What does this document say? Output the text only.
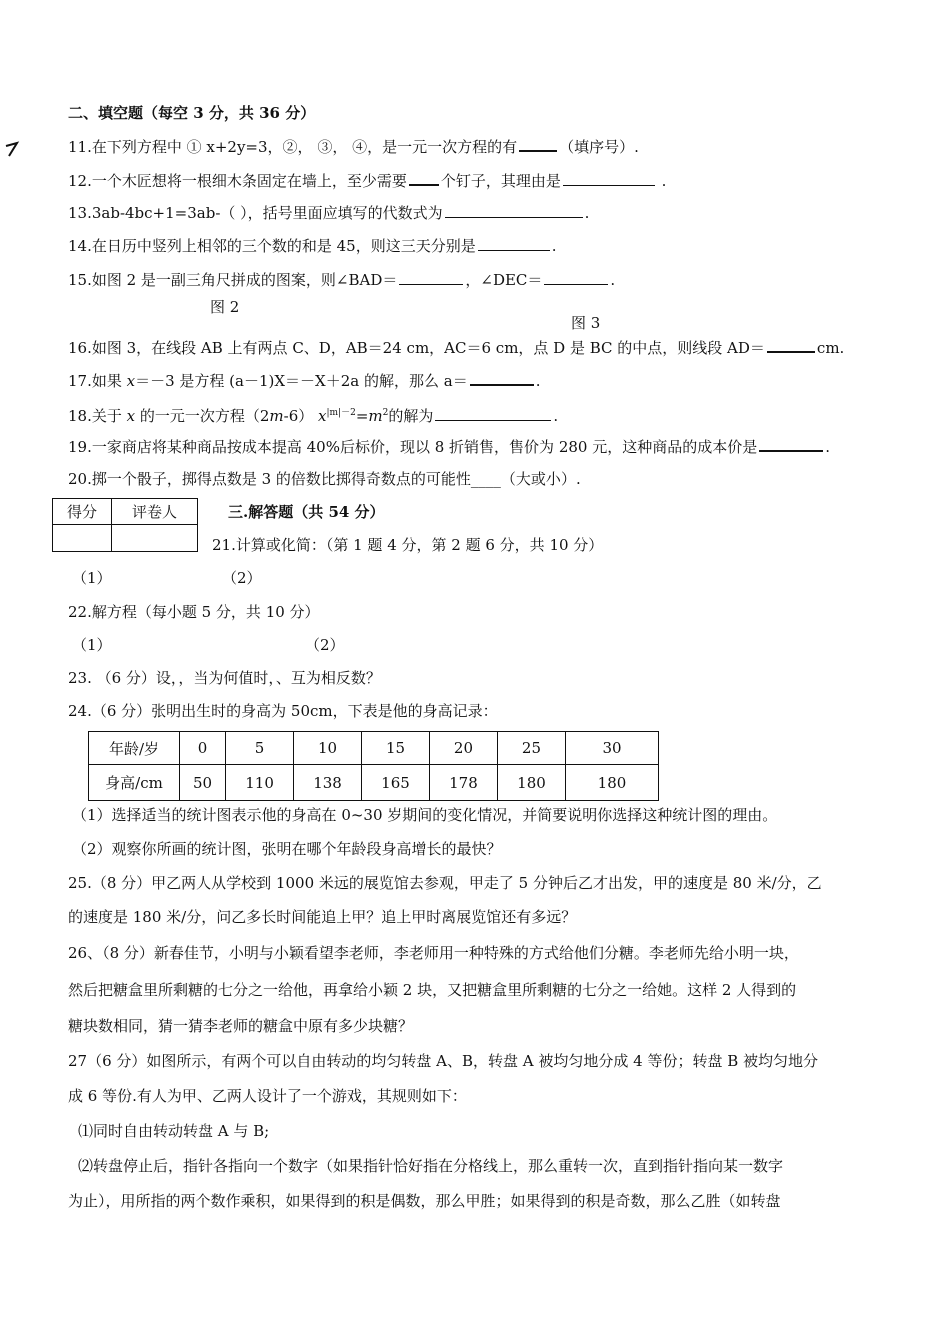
二、填空题（每空 3 分，共 36 分）
11.在下列方程中 ① x+2y=3，②， ③， ④，是一元一次方程的有	（填序号）.
12.一个木匠想将一根细木条固定在墙上，至少需要 个钉子，其理由是	.
13.3ab-4bc+1=3ab-（ ），括号里面应填写的代数式为	.
14.在日历中竖列上相邻的三个数的和是 45，则这三天分别是	.
15.如图 2 是一副三角尺拼成的图案，则∠BAD＝	，∠DEC＝	.
图 2
图 3
16.如图 3，在线段 AB 上有两点 C、D，AB＝24 cm，AC＝6 cm，点 D 是 BC 的中点，则线段 AD＝	cm.
17.如果 x＝－3 是方程 (a－1)X＝－X＋2a 的解，那么 a＝	.
18.关于 x 的一元一次方程（2m-6） $x^{|m|-2}=m^2$的解为	.
19.一家商店将某种商品按成本提高 40%后标价，现以 8 折销售，售价为 280 元，这种商品的成本价是	.
20.掷一个骰子，掷得点数是 3 的倍数比掷得奇数点的可能性____（大或小）.
得分	评卷人
		三.解答题（共 54 分）
21.计算或化简：（第 1 题 4 分，第 2 题 6 分，共 10 分）
（1）	（2）
22.解方程（每小题 5 分，共 10 分）
（1）	（2）
23. （6 分）设，，当为何值时，、互为相反数？
24.（6 分）张明出生时的身高为 50cm，下表是他的身高记录：
年龄/岁	0	5	10	15	20	25	30
身高/cm	50	110	138	165	178	180	180
（1）选择适当的统计图表示他的身高在 0~30 岁期间的变化情况，并简要说明你选择这种统计图的理由。
（2）观察你所画的统计图，张明在哪个年龄段身高增长的最快？
25.（8 分）甲乙两人从学校到 1000 米远的展览馆去参观，甲走了 5 分钟后乙才出发，甲的速度是 80 米/分，乙
的速度是 180 米/分，问乙多长时间能追上甲？追上甲时离展览馆还有多远？
26、（8 分）新春佳节，小明与小颖看望李老师，李老师用一种特殊的方式给他们分糖。李老师先给小明一块，
然后把糖盒里所剩糖的七分之一给他，再拿给小颖 2 块，又把糖盒里所剩糖的七分之一给她。这样 2 人得到的
糖块数相同，猜一猜李老师的糖盒中原有多少块糖？
27（6 分）如图所示，有两个可以自由转动的均匀转盘 A、B，转盘 A 被均匀地分成 4 等份；转盘 B 被均匀地分
成 6 等份.有人为甲、乙两人设计了一个游戏，其规则如下：
⑴同时自由转动转盘 A 与 B;
⑵转盘停止后，指针各指向一个数字（如果指针恰好指在分格线上，那么重转一次，直到指针指向某一数字
为止），用所指的两个数作乘积，如果得到的积是偶数，那么甲胜；如果得到的积是奇数，那么乙胜（如转盘
